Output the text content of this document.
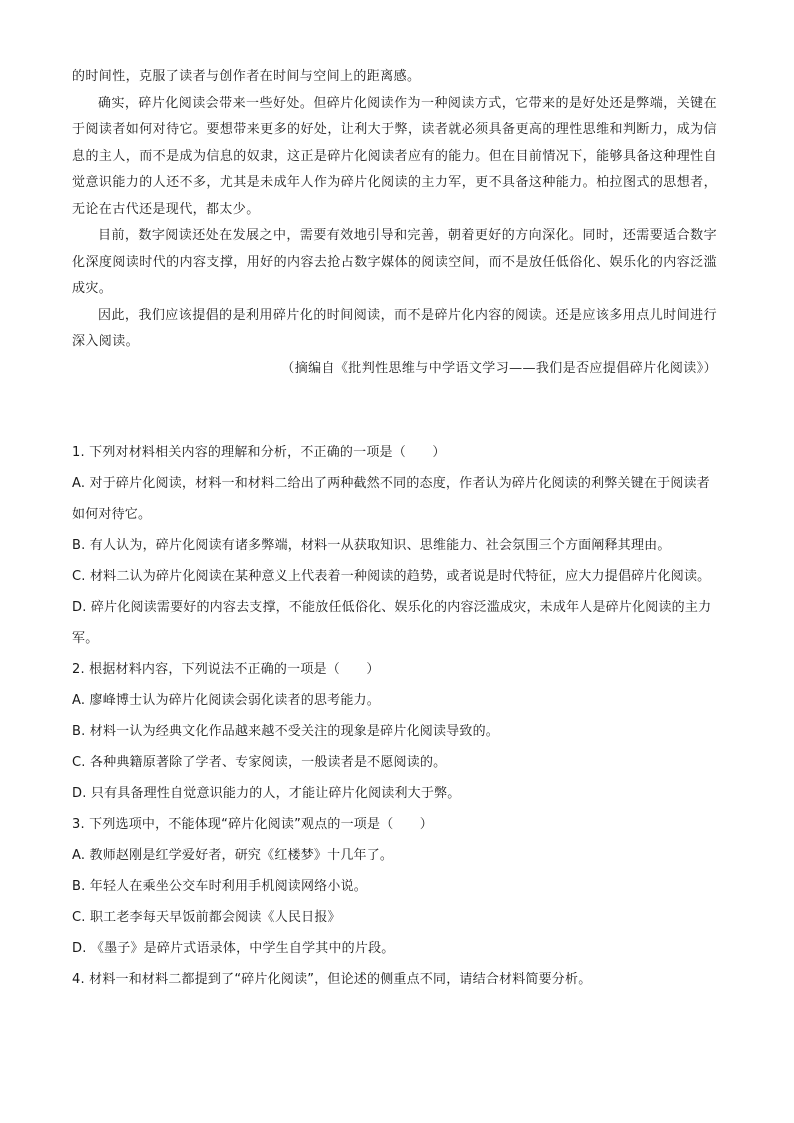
的时间性，克服了读者与创作者在时间与空间上的距离感。

确实，碎片化阅读会带来一些好处。但碎片化阅读作为一种阅读方式，它带来的是好处还是弊端，关键在于阅读者如何对待它。要想带来更多的好处，让利大于弊，读者就必须具备更高的理性思维和判断力，成为信息的主人，而不是成为信息的奴隶，这正是碎片化阅读者应有的能力。但在目前情况下，能够具备这种理性自觉意识能力的人还不多，尤其是未成年人作为碎片化阅读的主力军，更不具备这种能力。柏拉图式的思想者，无论在古代还是现代，都太少。

目前，数字阅读还处在发展之中，需要有效地引导和完善，朝着更好的方向深化。同时，还需要适合数字化深度阅读时代的内容支撑，用好的内容去抢占数字媒体的阅读空间，而不是放任低俗化、娱乐化的内容泛滥成灾。

因此，我们应该提倡的是利用碎片化的时间阅读，而不是碎片化内容的阅读。还是应该多用点儿时间进行深入阅读。

（摘编自《批判性思维与中学语文学习——我们是否应提倡碎片化阅读》）

1. 下列对材料相关内容的理解和分析，不正确的一项是（　　）
A. 对于碎片化阅读，材料一和材料二给出了两种截然不同的态度，作者认为碎片化阅读的利弊关键在于阅读者如何对待它。
B. 有人认为，碎片化阅读有诸多弊端，材料一从获取知识、思维能力、社会氛围三个方面阐释其理由。
C. 材料二认为碎片化阅读在某种意义上代表着一种阅读的趋势，或者说是时代特征，应大力提倡碎片化阅读。
D. 碎片化阅读需要好的内容去支撑，不能放任低俗化、娱乐化的内容泛滥成灾，未成年人是碎片化阅读的主力军。
2. 根据材料内容，下列说法不正确的一项是（　　）
A. 廖峰博士认为碎片化阅读会弱化读者的思考能力。
B. 材料一认为经典文化作品越来越不受关注的现象是碎片化阅读导致的。
C. 各种典籍原著除了学者、专家阅读，一般读者是不愿阅读的。
D. 只有具备理性自觉意识能力的人，才能让碎片化阅读利大于弊。
3. 下列选项中，不能体现“碎片化阅读”观点的一项是（　　）
A. 教师赵刚是红学爱好者，研究《红楼梦》十几年了。
B. 年轻人在乘坐公交车时利用手机阅读网络小说。
C. 职工老李每天早饭前都会阅读《人民日报》
D. 《墨子》是碎片式语录体，中学生自学其中的片段。
4. 材料一和材料二都提到了“碎片化阅读”，但论述的侧重点不同，请结合材料简要分析。
